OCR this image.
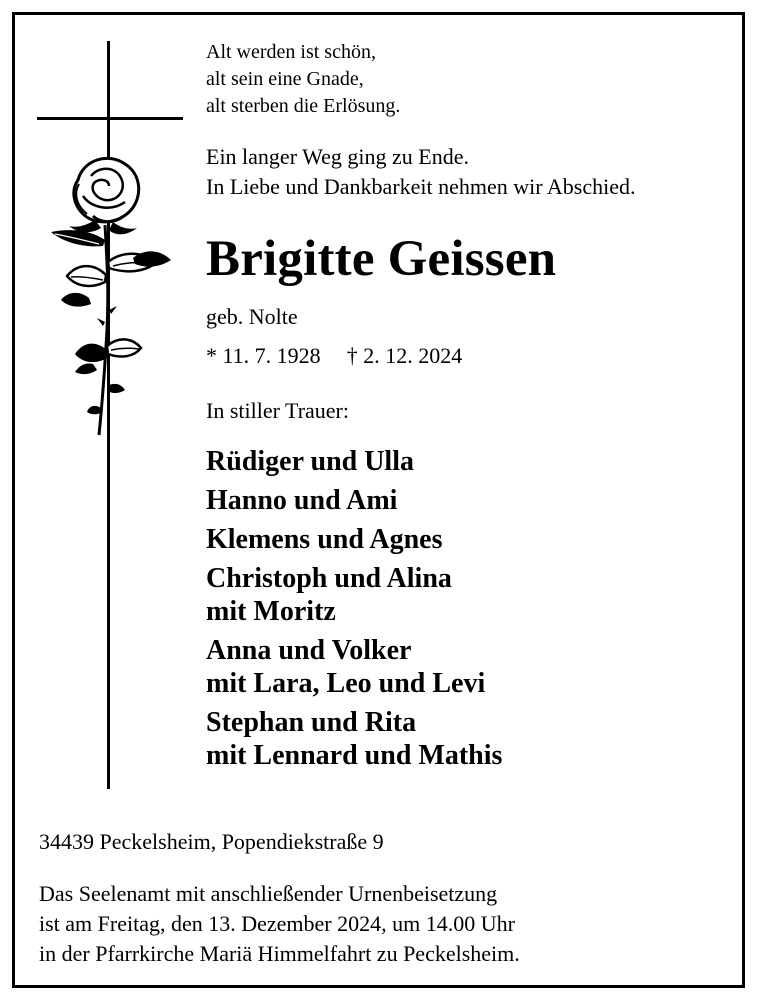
Alt werden ist schön,
alt sein eine Gnade,
alt sterben die Erlösung.
Ein langer Weg ging zu Ende.
In Liebe und Dankbarkeit nehmen wir Abschied.
Brigitte Geissen
geb. Nolte
* 11. 7. 1928 † 2. 12. 2024
In stiller Trauer:
Rüdiger und Ulla
Hanno und Ami
Klemens und Agnes
Christoph und Alina
mit Moritz
Anna und Volker
mit Lara, Leo und Levi
Stephan und Rita
mit Lennard und Mathis
34439 Peckelsheim, Popendiekstraße 9
Das Seelenamt mit anschließender Urnenbeisetzung
ist am Freitag, den 13. Dezember 2024, um 14.00 Uhr
in der Pfarrkirche Mariä Himmelfahrt zu Peckelsheim.
